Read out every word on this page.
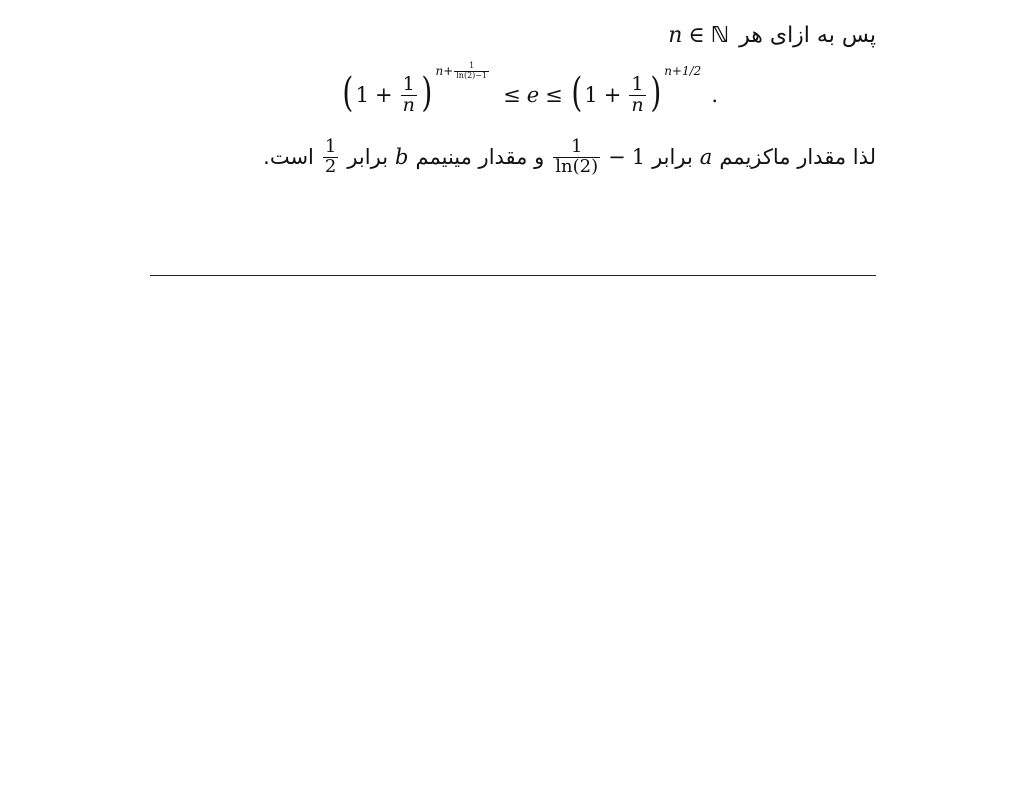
پس به ازای هر
n ∈ ℕ
( $1 + \frac{1}{n}$ ) $n + \frac{1}{\ln(2)-1}$
≤ e ≤ ( $1 + \frac{1}{n}$ ) n+1/2
.
لذا مقدار ماکزیمم
a
برابر
$\frac{1}{\ln(2)} - 1$
و مقدار مینیمم
b
برابر
$\frac{1}{2}$
است.
